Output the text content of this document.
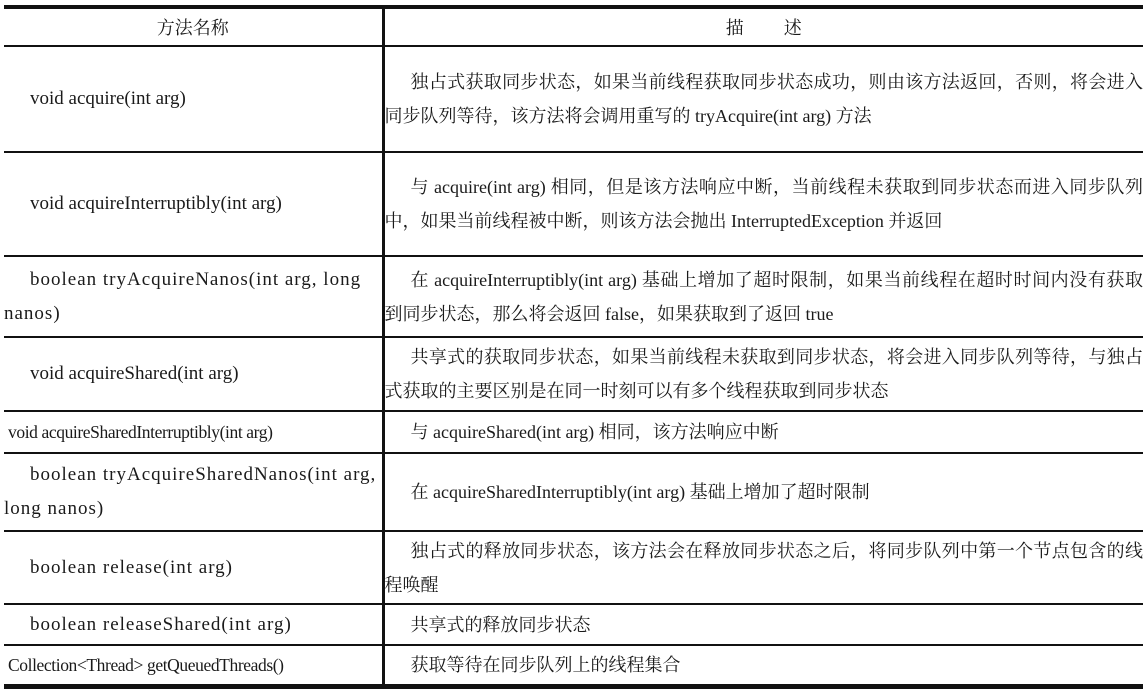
方法名称	描述
void acquire(int arg)	独占式获取同步状态，如果当前线程获取同步状态成功，则由该方法返回，否则，将会进入同步队列等待，该方法将会调用重写的 tryAcquire(int arg) 方法
void acquireInterruptibly(int arg)	与 acquire(int arg) 相同，但是该方法响应中断，当前线程未获取到同步状态而进入同步队列中，如果当前线程被中断，则该方法会抛出 InterruptedException 并返回
boolean tryAcquireNanos(int arg, long nanos)	在 acquireInterruptibly(int arg) 基础上增加了超时限制，如果当前线程在超时时间内没有获取到同步状态，那么将会返回 false，如果获取到了返回 true
void acquireShared(int arg)	共享式的获取同步状态，如果当前线程未获取到同步状态，将会进入同步队列等待，与独占式获取的主要区别是在同一时刻可以有多个线程获取到同步状态
void acquireSharedInterruptibly(int arg)	与 acquireShared(int arg) 相同，该方法响应中断
boolean tryAcquireSharedNanos(int arg, long nanos)	在 acquireSharedInterruptibly(int arg) 基础上增加了超时限制
boolean release(int arg)	独占式的释放同步状态，该方法会在释放同步状态之后，将同步队列中第一个节点包含的线程唤醒
boolean releaseShared(int arg)	共享式的释放同步状态
Collection<Thread> getQueuedThreads()	获取等待在同步队列上的线程集合
